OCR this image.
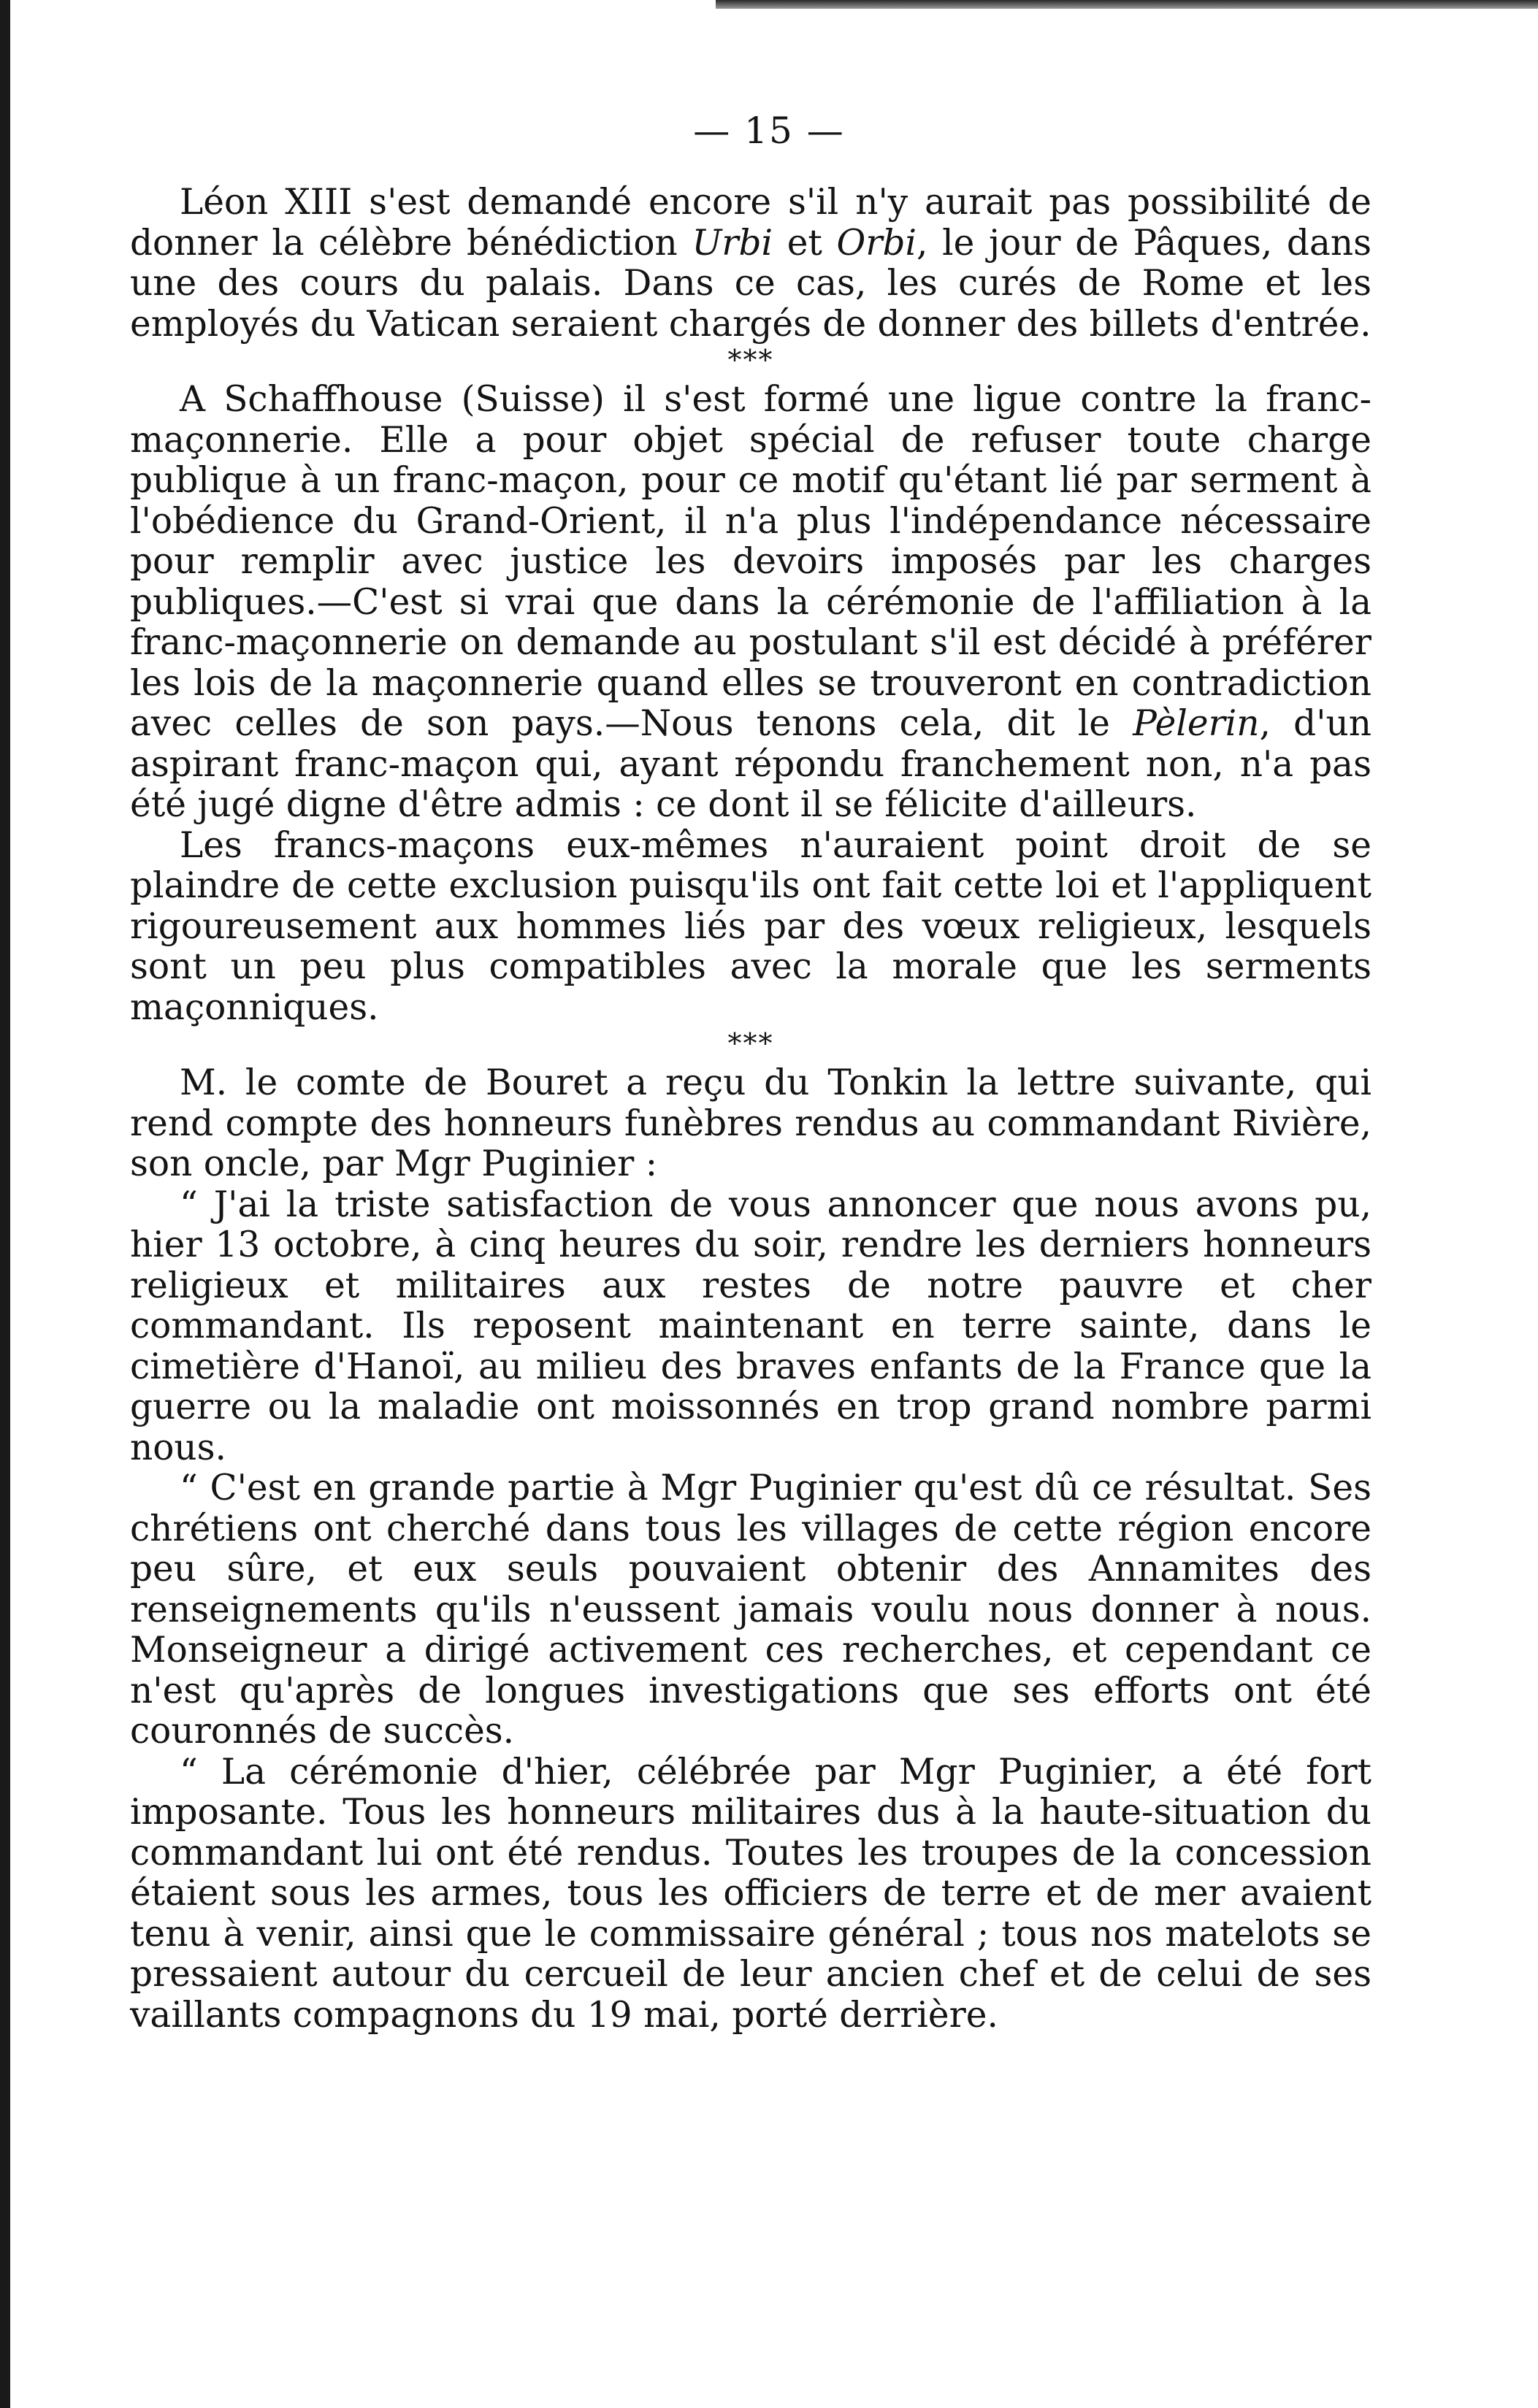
— 15 —

Léon XIII s'est demandé encore s'il n'y aurait pas possibilité de donner la célèbre bénédiction Urbi et Orbi, le jour de Pâques, dans une des cours du palais. Dans ce cas, les curés de Rome et les employés du Vatican seraient chargés de donner des billets d'entrée.

***

A Schaffhouse (Suisse) il s'est formé une ligue contre la franc-maçonnerie. Elle a pour objet spécial de refuser toute charge publique à un franc-maçon, pour ce motif qu'étant lié par serment à l'obédience du Grand-Orient, il n'a plus l'indépendance nécessaire pour remplir avec justice les devoirs imposés par les charges publiques.—C'est si vrai que dans la cérémonie de l'affiliation à la franc-maçonnerie on demande au postulant s'il est décidé à préférer les lois de la maçonnerie quand elles se trouveront en contradiction avec celles de son pays.—Nous tenons cela, dit le Pèlerin, d'un aspirant franc-maçon qui, ayant répondu franchement non, n'a pas été jugé digne d'être admis : ce dont il se félicite d'ailleurs.

Les francs-maçons eux-mêmes n'auraient point droit de se plaindre de cette exclusion puisqu'ils ont fait cette loi et l'appliquent rigoureusement aux hommes liés par des vœux religieux, lesquels sont un peu plus compatibles avec la morale que les serments maçonniques.

***

M. le comte de Bouret a reçu du Tonkin la lettre suivante, qui rend compte des honneurs funèbres rendus au commandant Rivière, son oncle, par Mgr Puginier :

“ J'ai la triste satisfaction de vous annoncer que nous avons pu, hier 13 octobre, à cinq heures du soir, rendre les derniers honneurs religieux et militaires aux restes de notre pauvre et cher commandant. Ils reposent maintenant en terre sainte, dans le cimetière d'Hanoï, au milieu des braves enfants de la France que la guerre ou la maladie ont moissonnés en trop grand nombre parmi nous.

“ C'est en grande partie à Mgr Puginier qu'est dû ce résultat. Ses chrétiens ont cherché dans tous les villages de cette région encore peu sûre, et eux seuls pouvaient obtenir des Annamites des renseignements qu'ils n'eussent jamais voulu nous donner à nous. Monseigneur a dirigé activement ces recherches, et cependant ce n'est qu'après de longues investigations que ses efforts ont été couronnés de succès.

“ La cérémonie d'hier, célébrée par Mgr Puginier, a été fort imposante. Tous les honneurs militaires dus à la haute-situation du commandant lui ont été rendus. Toutes les troupes de la concession étaient sous les armes, tous les officiers de terre et de mer avaient tenu à venir, ainsi que le commissaire général ; tous nos matelots se pressaient autour du cercueil de leur ancien chef et de celui de ses vaillants compagnons du 19 mai, porté derrière.
